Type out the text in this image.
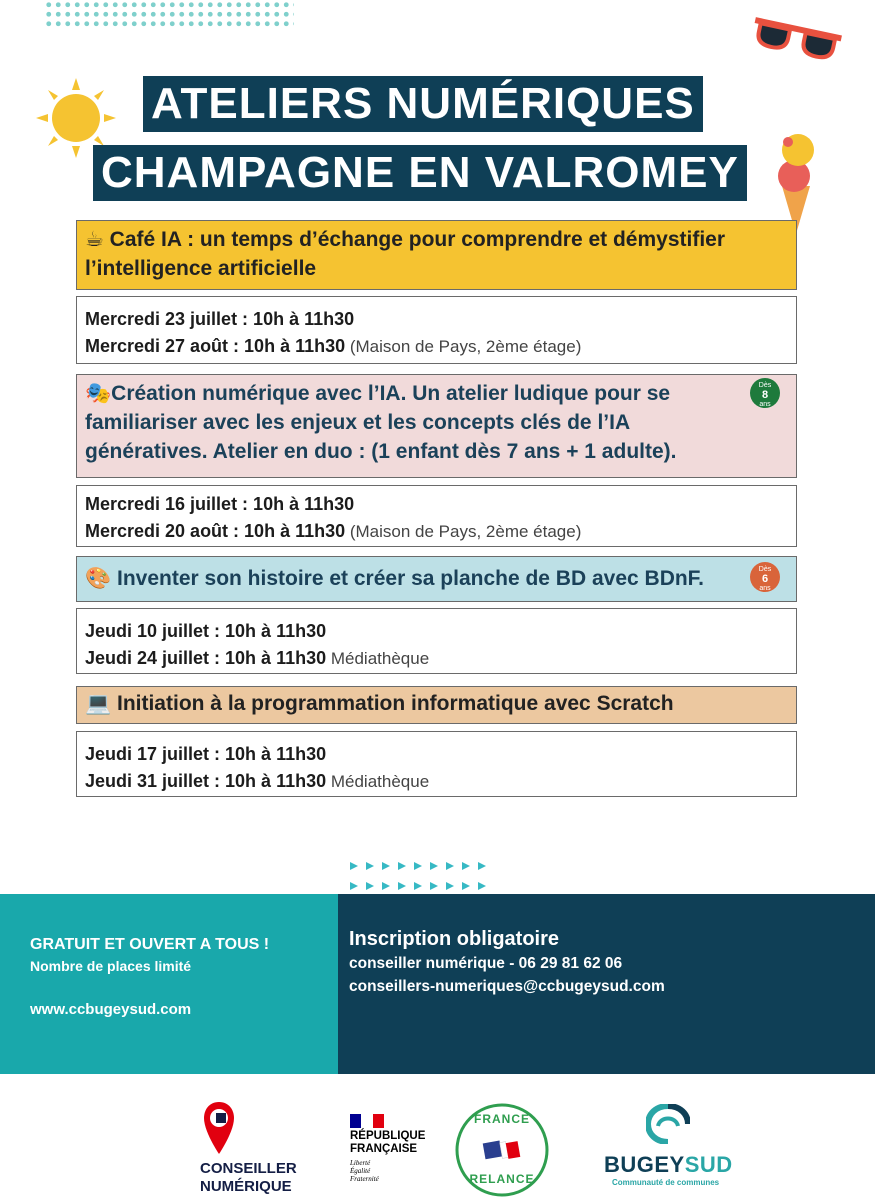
ATELIERS NUMÉRIQUES
CHAMPAGNE EN VALROMEY
☕ Café IA : un temps d’échange pour comprendre et démystifier l’intelligence artificielle
Mercredi 23 juillet : 10h à 11h30
Mercredi 27 août : 10h à 11h30 (Maison de Pays, 2ème étage)
🎭Création numérique avec l’IA. Un atelier ludique pour se familiariser avec les enjeux et les concepts clés de l’IA génératives. Atelier en duo : (1 enfant dès 7 ans + 1 adulte).
Dès
8
ans
Mercredi 16 juillet : 10h à 11h30
Mercredi 20 août : 10h à 11h30 (Maison de Pays, 2ème étage)
🎨 Inventer son histoire et créer sa planche de BD avec BDnF.	Dès
6
ans
Jeudi 10 juillet : 10h à 11h30
Jeudi 24 juillet : 10h à 11h30 Médiathèque
💻 Initiation à la programmation informatique avec Scratch
Jeudi 17 juillet : 10h à 11h30
Jeudi 31 juillet : 10h à 11h30 Médiathèque
GRATUIT ET OUVERT A TOUS !
Nombre de places limité
www.ccbugeysud.com
Inscription obligatoire
conseiller numérique - 06 29 81 62 06
conseillers-numeriques@ccbugeysud.com
CONSEILLER
NUMÉRIQUE
RÉPUBLIQUE
FRANÇAISE
Liberté
Égalité
Fraternité
FRANCE
RELANCE
BUGEYSUD
Communauté de communes
